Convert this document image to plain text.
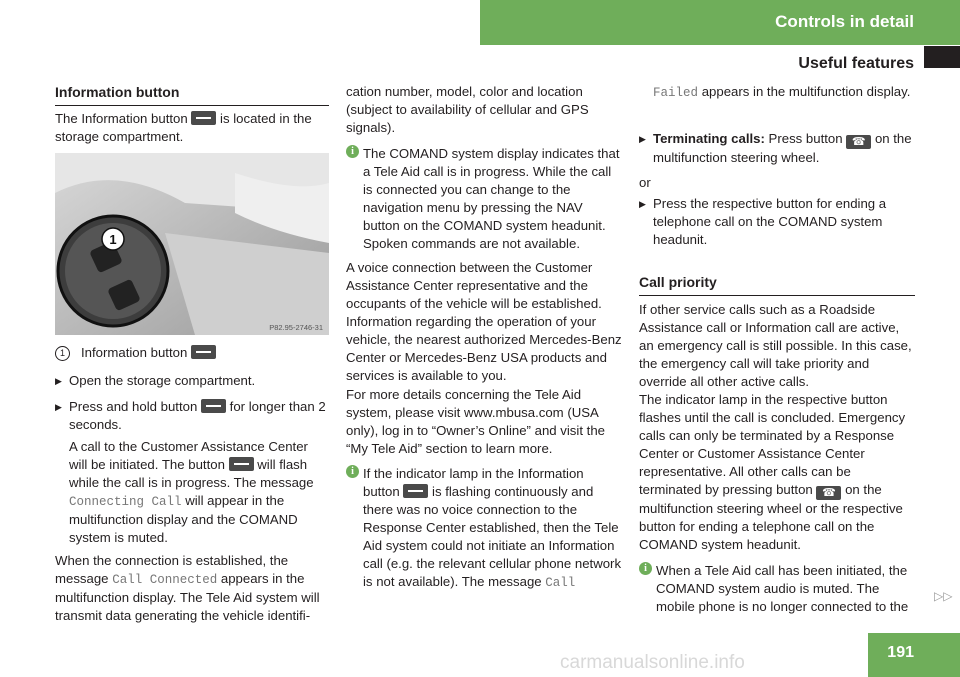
Controls in detail
Useful features
Information button

The Information button is located in the storage compartment.

1
P82.95-2746-31

1 Information button

▶ Open the storage compartment.

▶ Press and hold button for longer than 2 seconds.

A call to the Customer Assistance Center will be initiated. The button will flash while the call is in progress. The message Connecting Call will appear in the multifunction display and the COMAND system is muted.

When the connection is established, the message Call Connected appears in the multifunction display. The Tele Aid system will transmit data generating the vehicle identifi-

cation number, model, color and location (subject to availability of cellular and GPS signals).

i The COMAND system display indicates that a Tele Aid call is in progress. While the call is connected you can change to the navigation menu by pressing the NAV button on the COMAND system headunit. Spoken commands are not available.

A voice connection between the Customer Assistance Center representative and the occupants of the vehicle will be established. Information regarding the operation of your vehicle, the nearest authorized Mercedes-Benz Center or Mercedes-Benz USA products and services is available to you.

For more details concerning the Tele Aid system, please visit www.mbusa.com (USA only), log in to “Owner’s Online” and visit the “My Tele Aid” section to learn more.

i If the indicator lamp in the Information button is flashing continuously and there was no voice connection to the Response Center established, then the Tele Aid system could not initiate an Information call (e.g. the relevant cellular phone network is not available). The message Call

Failed appears in the multifunction display.

▶ Terminating calls: Press button ☎ on the multifunction steering wheel.

or

▶ Press the respective button for ending a telephone call on the COMAND system headunit.

Call priority

If other service calls such as a Roadside Assistance call or Information call are active, an emergency call is still possible. In this case, the emergency call will take priority and override all other active calls.

The indicator lamp in the respective button flashes until the call is concluded. Emergency calls can only be terminated by a Response Center or Customer Assistance Center representative. All other calls can be terminated by pressing button ☎ on the multifunction steering wheel or the respective button for ending a telephone call on the COMAND system headunit.

i When a Tele Aid call has been initiated, the COMAND system audio is muted. The mobile phone is no longer connected to the
▷▷
191
carmanualsonline.info
